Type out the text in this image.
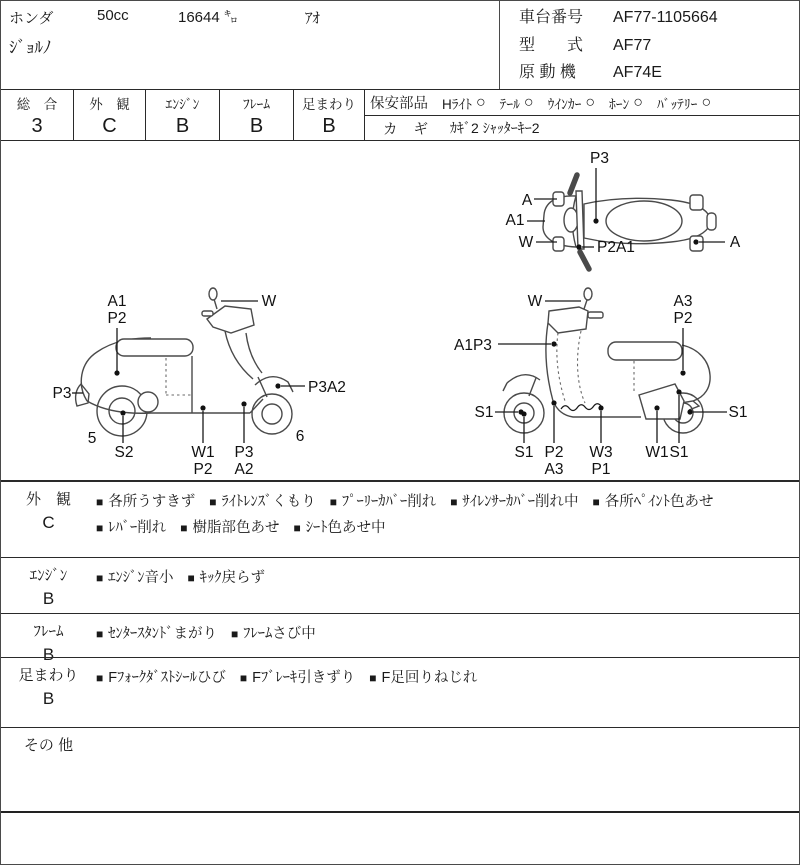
ホンダ	50cc	16644 ㌔	ｱｵ
ｼﾞｮﾙﾉ
車台番号	AF77-1105664
型　　式	AF77
原 動 機	AF74E
総　合
3
外　観
C
ｴﾝｼﾞﾝ
B
ﾌﾚｰﾑ
B
足まわり
B
保安部品 Hﾗｲﾄ ○ ﾃｰﾙ ○ ｳｲﾝｶｰ ○ ﾎｰﾝ ○ ﾊﾞｯﾃﾘｰ ○
カ ギ ｶｷﾞ2 ｼｬｯﾀｰｷｰ2
P3
A
A1
W	P2A1	A
A1
P2
W
P3	P3A2
5
S2	W1
P2
P3
A2
6
W	A3
P2
A1P3
S1
S1 P2
A3
W3
P1
W1 S1
S1
外　観
C
■ 各所うすきず ■ ﾗｲﾄﾚﾝｽﾞくもり ■ ﾌﾟｰﾘｰｶﾊﾞｰ削れ ■ ｻｲﾚﾝｻｰｶﾊﾞｰ削れ中 ■ 各所ﾍﾟｲﾝﾄ色あせ■ ﾚﾊﾞｰ削れ ■ 樹脂部色あせ ■ ｼｰﾄ色あせ中
ｴﾝｼﾞﾝ
B
■ ｴﾝｼﾞﾝ音小 ■ ｷｯｸ戻らず
ﾌﾚｰﾑ
B
■ ｾﾝﾀｰｽﾀﾝﾄﾞまがり ■ ﾌﾚｰﾑさび中
足まわり
B
■ Fﾌｫｰｸﾀﾞｽﾄｼｰﾙひび ■ Fﾌﾞﾚｰｷ引きずり ■ F足回りねじれ
その 他
